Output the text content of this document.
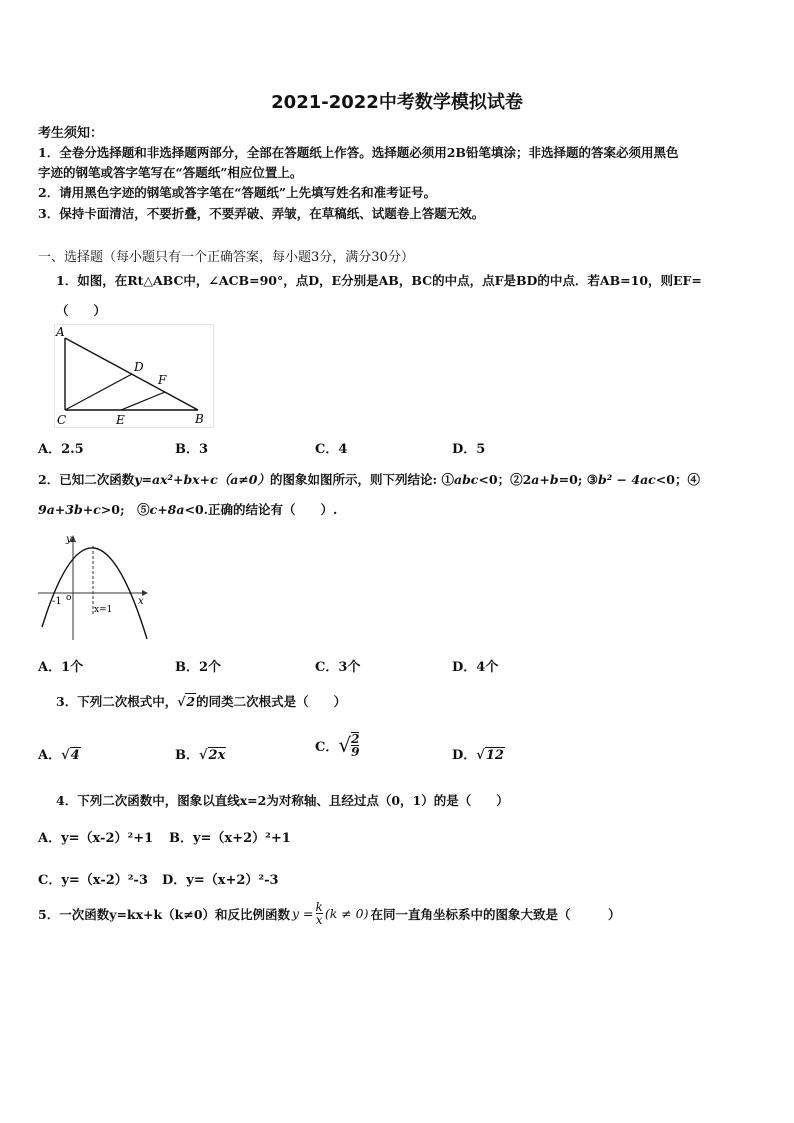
2021-2022中考数学模拟试卷
考生须知：
1．全卷分选择题和非选择题两部分，全部在答题纸上作答。选择题必须用2B铅笔填涂；非选择题的答案必须用黑色
字迹的钢笔或答字笔写在“答题纸”相应位置上。
2．请用黑色字迹的钢笔或答字笔在“答题纸”上先填写姓名和准考证号。
3．保持卡面清洁，不要折叠，不要弄破、弄皱，在草稿纸、试题卷上答题无效。
一、选择题（每小题只有一个正确答案，每小题3分，满分30分）
1．如图，在Rt△ABC中，∠ACB=90°，点D，E分别是AB，BC的中点，点F是BD的中点．若AB=10，则EF=
（　　）
A
D
F
C	E	B
A．2.5	B．3	C．4	D．5
2．已知二次函数y=ax²+bx+c（a≠0）的图象如图所示，则下列结论: ①abc<0；②2a+b=0; ③b² − 4ac<0；④
9a+3b+c>0;　⑤c+8a<0.正确的结论有（　　）.
y
-1 o
x=1
x
A．1个	B．2个	C．3个	D．4个
3．下列二次根式中，√2的同类二次根式是（　　）
A．√4	B．√2x
C．√ $\frac{2}{9}$	D．√12
4．下列二次函数中，图象以直线x=2为对称轴、且经过点（0，1）的是（　　）
A．y=（x-2）²+1 B．y=（x+2）²+1
C．y=（x-2）²-3 D．y=（x+2）²-3
5．一次函数y=kx+k（k≠0）和反比例函数 $y = \frac{k}{x} (k \ne 0)$ 在同一直角坐标系中的图象大致是（　　　）
